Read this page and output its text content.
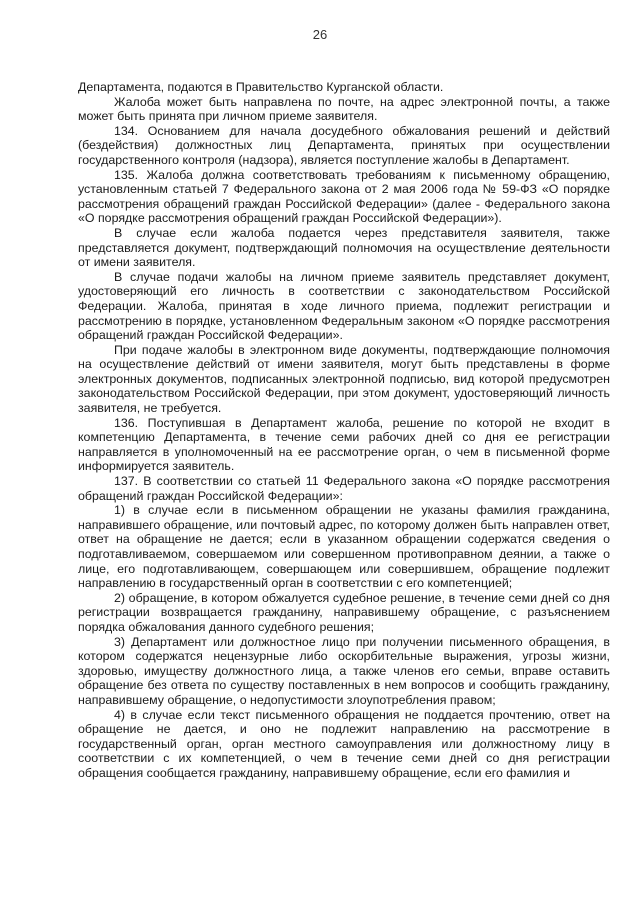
26

Департамента, подаются в Правительство Курганской области.

Жалоба может быть направлена по почте, на адрес электронной почты, а также может быть принята при личном приеме заявителя.

134. Основанием для начала досудебного обжалования решений и действий (бездействия) должностных лиц Департамента, принятых при осуществлении государственного контроля (надзора), является поступление жалобы в Департамент.

135. Жалоба должна соответствовать требованиям к письменному обращению, установленным статьей 7 Федерального закона от 2 мая 2006 года № 59-ФЗ «О порядке рассмотрения обращений граждан Российской Федерации» (далее - Федерального закона «О порядке рассмотрения обращений граждан Российской Федерации»).

В случае если жалоба подается через представителя заявителя, также представляется документ, подтверждающий полномочия на осуществление деятельности от имени заявителя.

В случае подачи жалобы на личном приеме заявитель представляет документ, удостоверяющий его личность в соответствии с законодательством Российской Федерации. Жалоба, принятая в ходе личного приема, подлежит регистрации и рассмотрению в порядке, установленном Федеральным законом «О порядке рассмотрения обращений граждан Российской Федерации».

При подаче жалобы в электронном виде документы, подтверждающие полномочия на осуществление действий от имени заявителя, могут быть представлены в форме электронных документов, подписанных электронной подписью, вид которой предусмотрен законодательством Российской Федерации, при этом документ, удостоверяющий личность заявителя, не требуется.

136. Поступившая в Департамент жалоба, решение по которой не входит в компетенцию Департамента, в течение семи рабочих дней со дня ее регистрации направляется в уполномоченный на ее рассмотрение орган, о чем в письменной форме информируется заявитель.

137. В соответствии со статьей 11 Федерального закона «О порядке рассмотрения обращений граждан Российской Федерации»:

1) в случае если в письменном обращении не указаны фамилия гражданина, направившего обращение, или почтовый адрес, по которому должен быть направлен ответ, ответ на обращение не дается; если в указанном обращении содержатся сведения о подготавливаемом, совершаемом или совершенном противоправном деянии, а также о лице, его подготавливающем, совершающем или совершившем, обращение подлежит направлению в государственный орган в соответствии с его компетенцией;

2) обращение, в котором обжалуется судебное решение, в течение семи дней со дня регистрации возвращается гражданину, направившему обращение, с разъяснением порядка обжалования данного судебного решения;

3) Департамент или должностное лицо при получении письменного обращения, в котором содержатся нецензурные либо оскорбительные выражения, угрозы жизни, здоровью, имуществу должностного лица, а также членов его семьи, вправе оставить обращение без ответа по существу поставленных в нем вопросов и сообщить гражданину, направившему обращение, о недопустимости злоупотребления правом;

4) в случае если текст письменного обращения не поддается прочтению, ответ на обращение не дается, и оно не подлежит направлению на рассмотрение в государственный орган, орган местного самоуправления или должностному лицу в соответствии с их компетенцией, о чем в течение семи дней со дня регистрации обращения сообщается гражданину, направившему обращение, если его фамилия и
